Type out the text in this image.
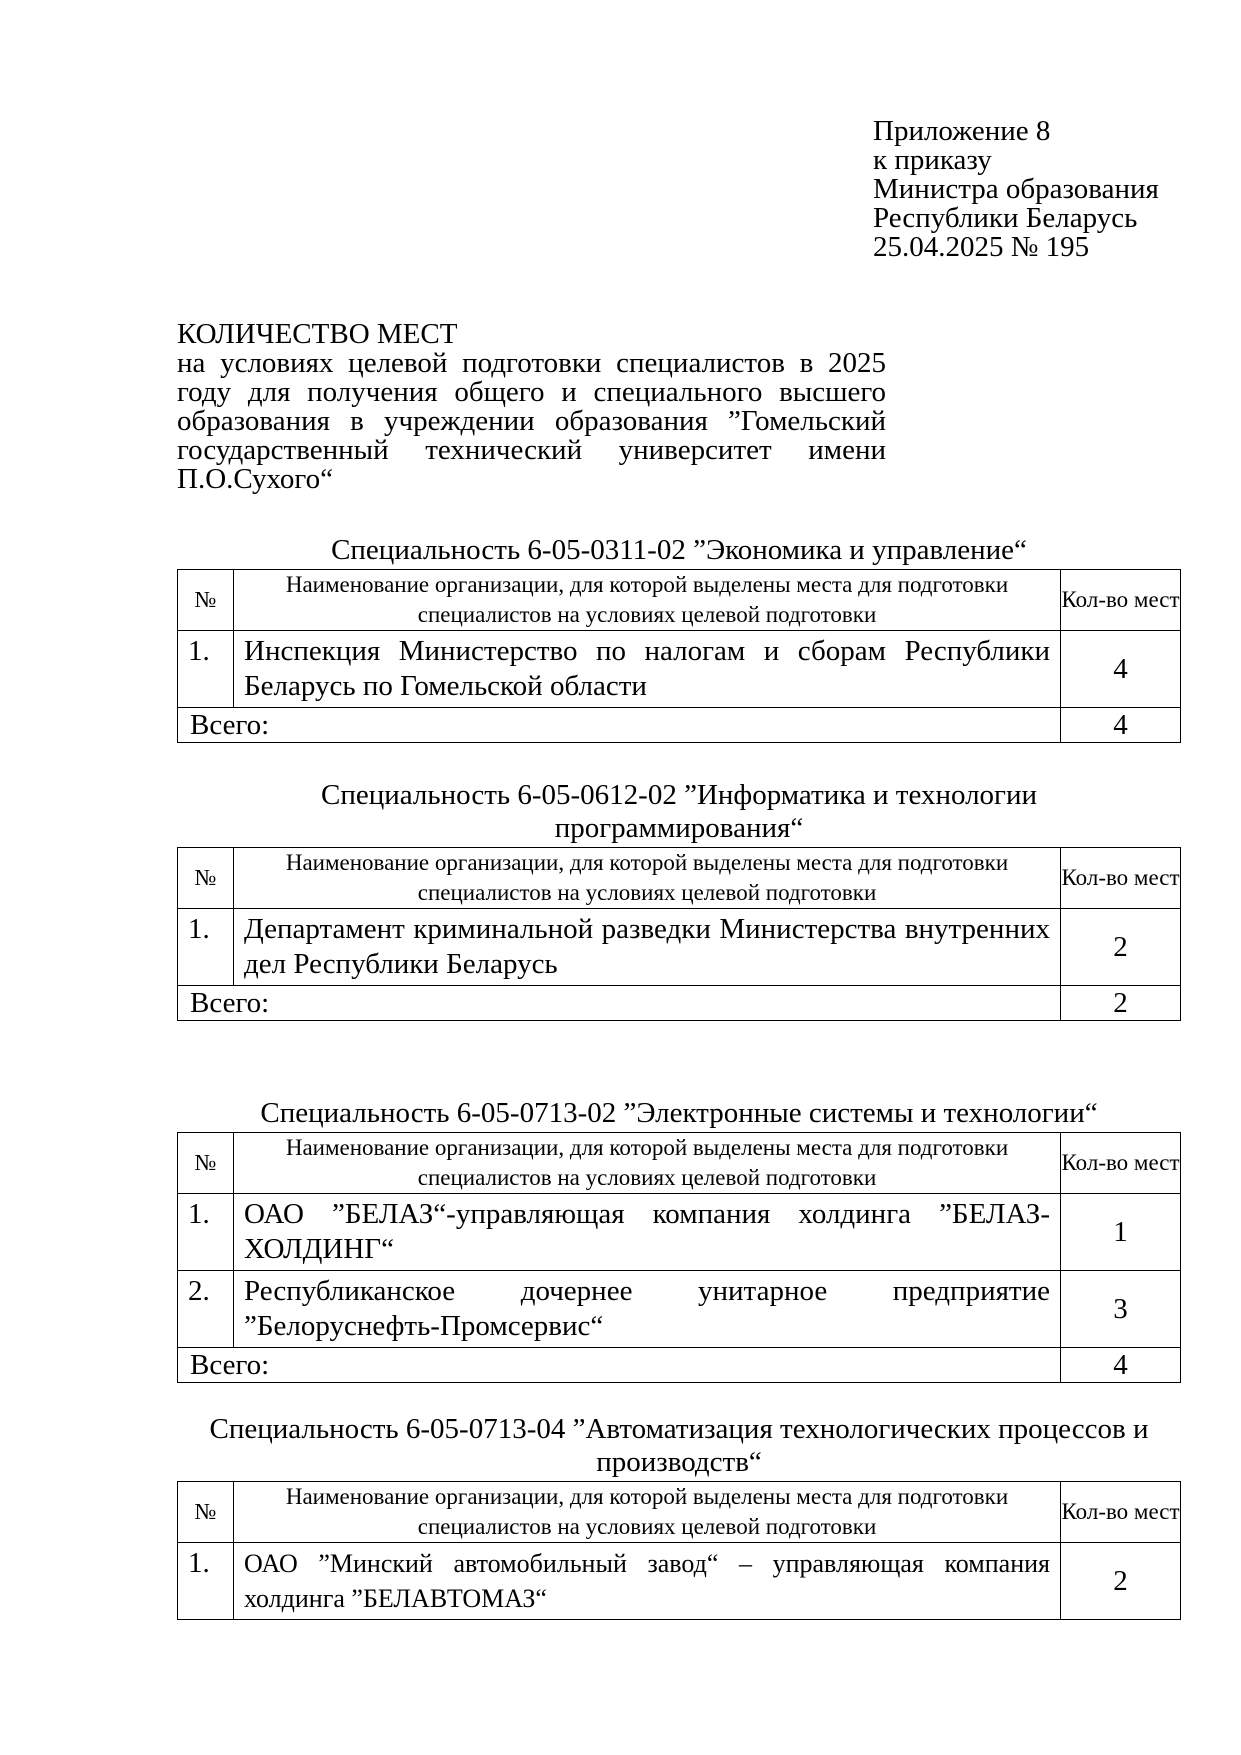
Приложение 8
к приказу
Министра образования
Республики Беларусь
25.04.2025 № 195
КОЛИЧЕСТВО МЕСТ
на условиях целевой подготовки специалистов в 2025 году для получения общего и специального высшего образования в учреждении образования ”Гомельский государственный технический университет имени П.О.Сухого“
Специальность 6-05-0311-02 ”Экономика и управление“
№	Наименование организации, для которой выделены места для подготовки специалистов на условиях целевой подготовки	Кол-во мест
1.	Инспекция Министерство по налогам и сборам Республики Беларусь по Гомельской области	4
Всего:		4
Специальность 6-05-0612-02 ”Информатика и технологии программирования“
№	Наименование организации, для которой выделены места для подготовки специалистов на условиях целевой подготовки	Кол-во мест
1.	Департамент криминальной разведки Министерства внутренних дел Республики Беларусь	2
Всего:		2
Специальность 6-05-0713-02 ”Электронные системы и технологии“
№	Наименование организации, для которой выделены места для подготовки специалистов на условиях целевой подготовки	Кол-во мест
1.	ОАО ”БЕЛАЗ“-управляющая компания холдинга ”БЕЛАЗ-ХОЛДИНГ“	1
2.	Республиканское дочернее унитарное предприятие ”Белоруснефть-Промсервис“	3
Всего:		4
Специальность 6-05-0713-04 ”Автоматизация технологических процессов и производств“
№	Наименование организации, для которой выделены места для подготовки специалистов на условиях целевой подготовки	Кол-во мест
1.	ОАО ”Минский автомобильный завод“ – управляющая компания холдинга ”БЕЛАВТОМАЗ“	2
